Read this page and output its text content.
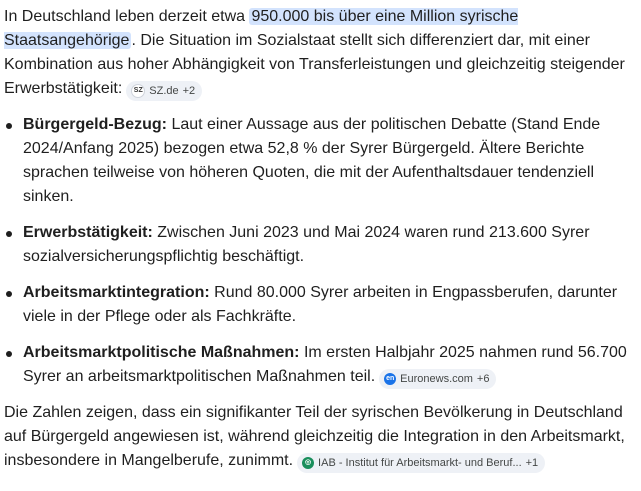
In Deutschland leben derzeit etwa 950.000 bis über eine Million syrische Staatsangehörige . Die Situation im Sozialstaat stellt sich differenziert dar, mit einer Kombination aus hoher Abhängigkeit von Transferleistungen und gleichzeitig steigender Erwerbstätigkeit:	SZ SZ.de +2

Bürgergeld-Bezug: Laut einer Aussage aus der politischen Debatte (Stand Ende 2024/Anfang 2025) bezogen etwa 52,8 % der Syrer Bürgergeld. Ältere Berichte sprachen teilweise von höheren Quoten, die mit der Aufenthaltsdauer tendenziell sinken.
Erwerbstätigkeit: Zwischen Juni 2023 und Mai 2024 waren rund 213.600 Syrer sozialversicherungspflichtig beschäftigt.
Arbeitsmarktintegration: Rund 80.000 Syrer arbeiten in Engpassberufen, darunter viele in der Pflege oder als Fachkräfte.
Arbeitsmarktpolitische Maßnahmen: Im ersten Halbjahr 2025 nahmen rund 56.700 Syrer an arbeitsmarktpolitischen Maßnahmen teil. en Euronews.com +6

Die Zahlen zeigen, dass ein signifikanter Teil der syrischen Bevölkerung in Deutschland auf Bürgergeld angewiesen ist, während gleichzeitig die Integration in den Arbeitsmarkt, insbesondere in Mangelberufe, zunimmt.	◎ IAB - Institut für Arbeitsmarkt- und Beruf... +1
